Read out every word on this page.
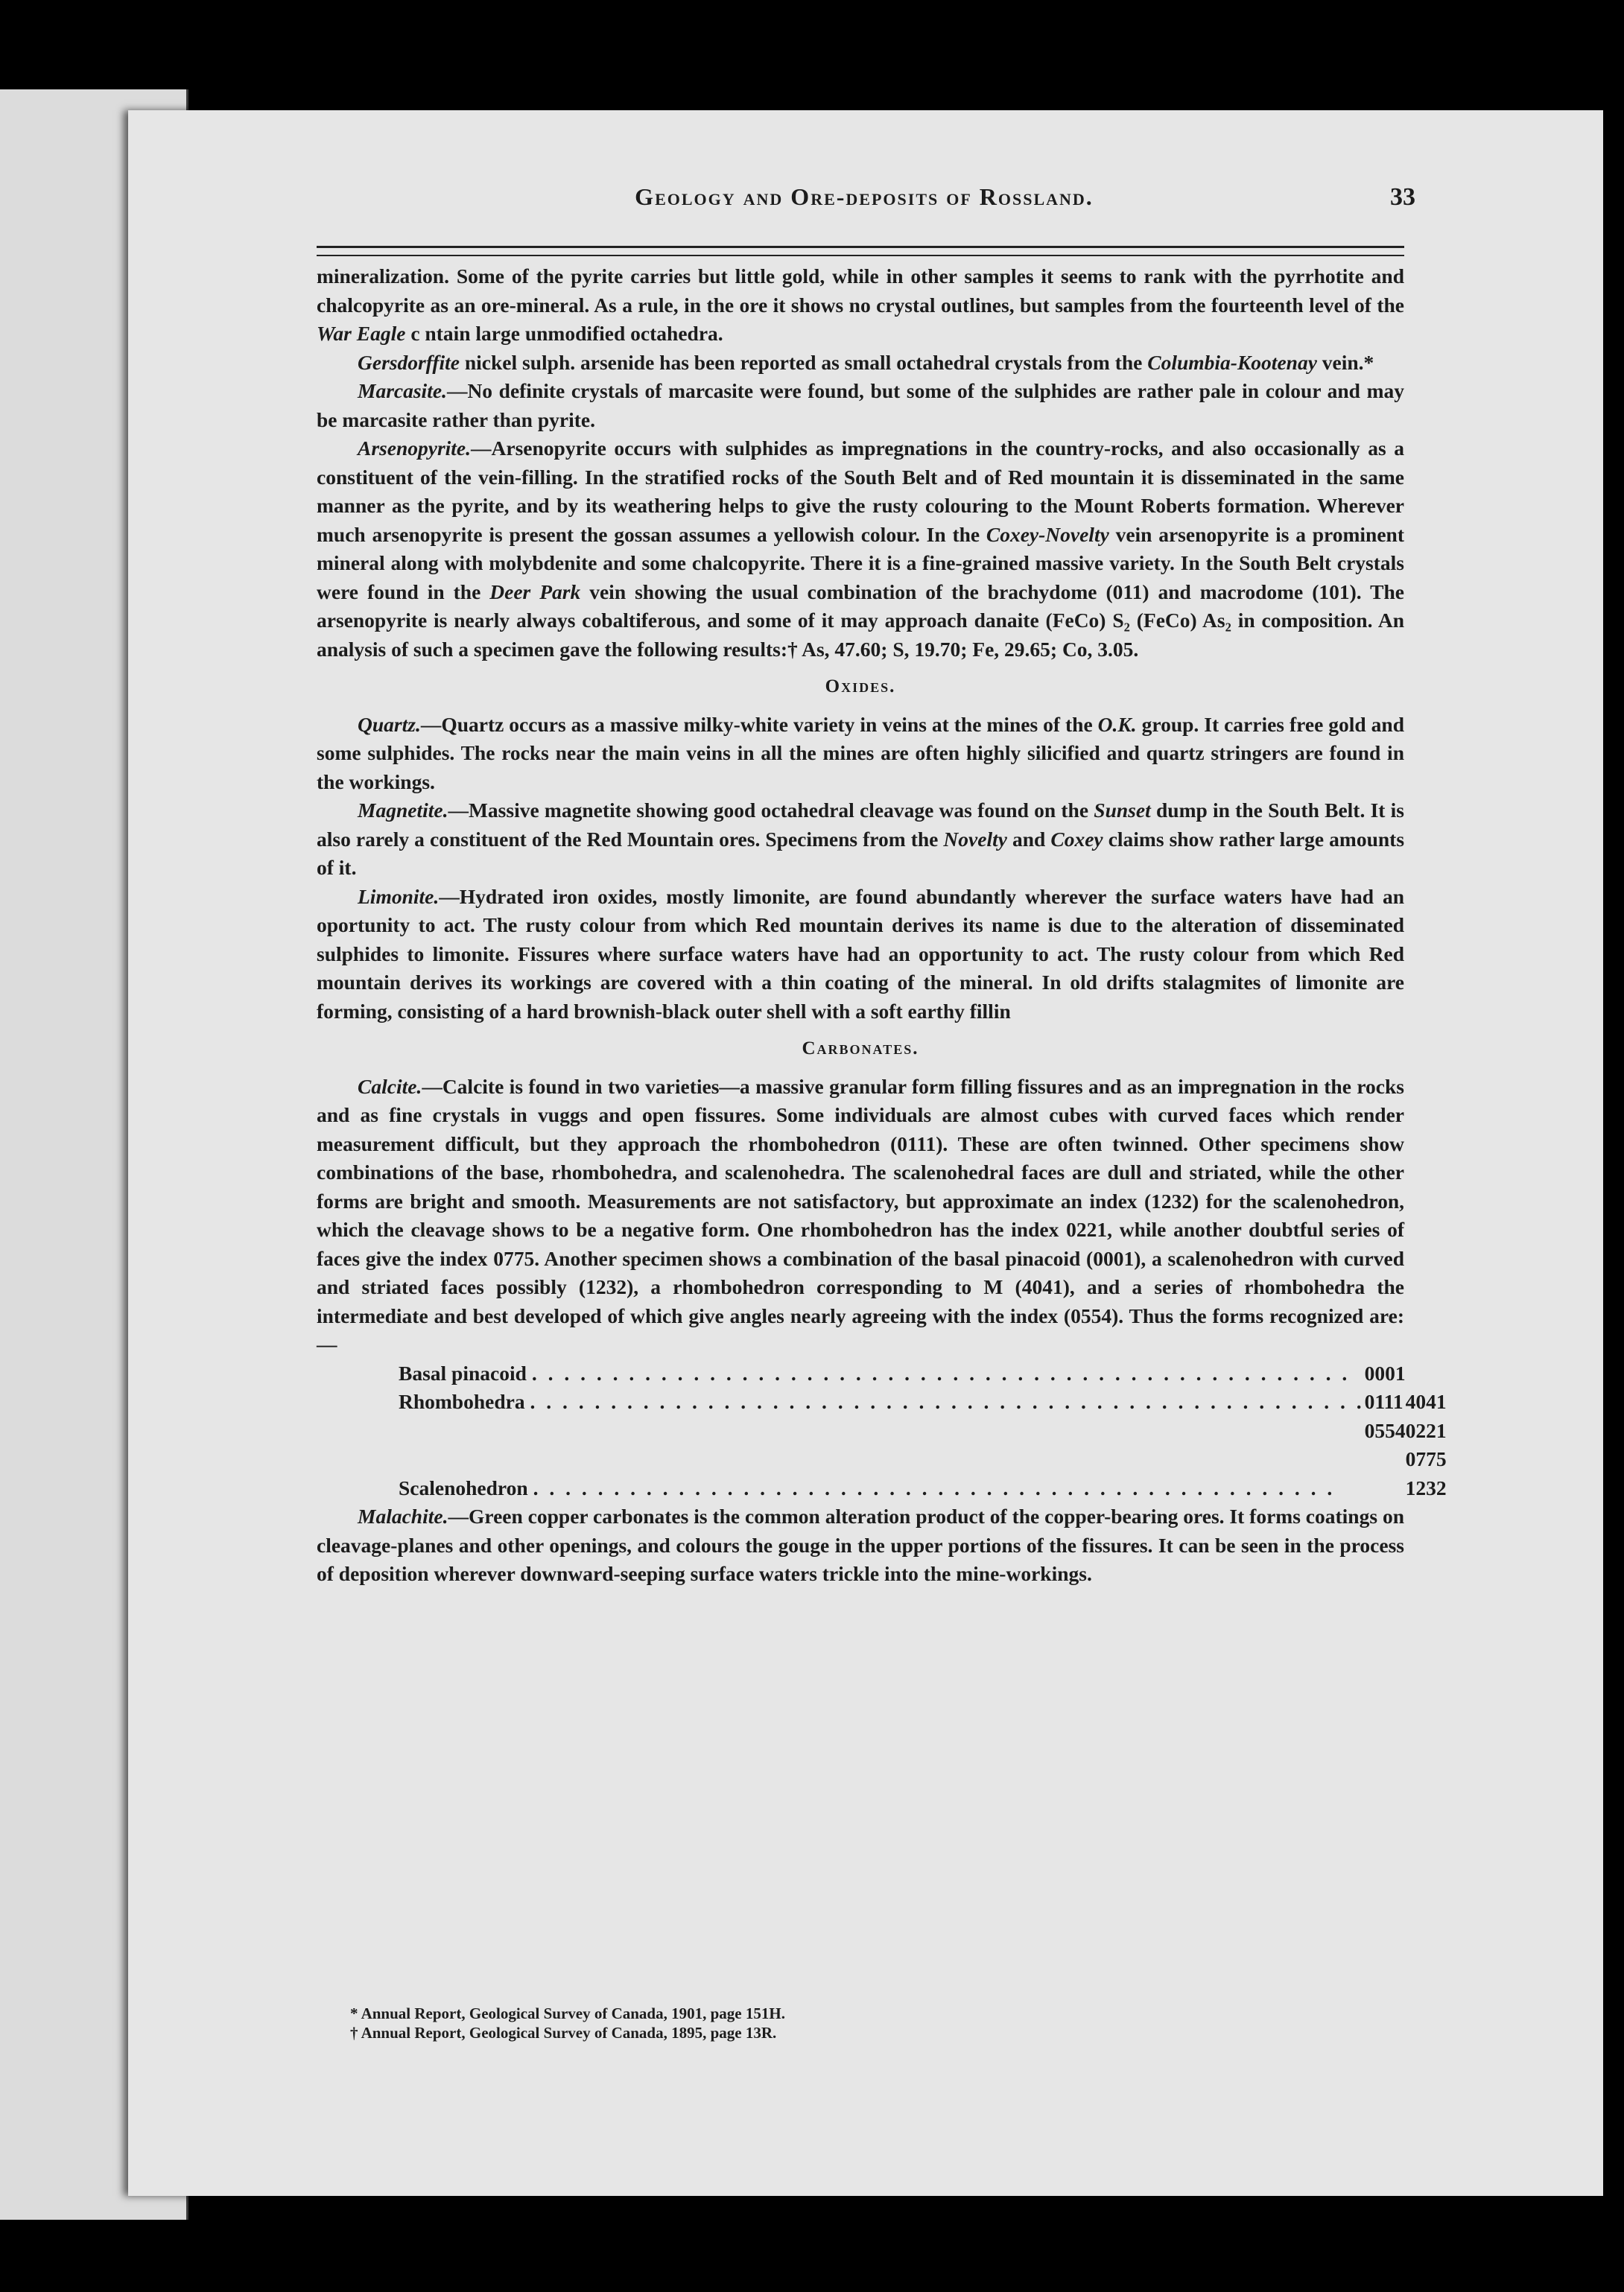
Geology and Ore-deposits of Rossland.	33

mineralization. Some of the pyrite carries but little gold, while in other samples it seems to rank with the pyrrhotite and chalcopyrite as an ore-mineral. As a rule, in the ore it shows no crystal outlines, but samples from the fourteenth level of the War Eagle c ntain large unmodified octahedra.

Gersdorffite nickel sulph. arsenide has been reported as small octahedral crystals from the Columbia-Kootenay vein.*

Marcasite.—No definite crystals of marcasite were found, but some of the sulphides are rather pale in colour and may be marcasite rather than pyrite.

Arsenopyrite.—Arsenopyrite occurs with sulphides as impregnations in the country-rocks, and also occasionally as a constituent of the vein-filling. In the stratified rocks of the South Belt and of Red mountain it is disseminated in the same manner as the pyrite, and by its weathering helps to give the rusty colouring to the Mount Roberts formation. Wherever much arsenopyrite is present the gossan assumes a yellowish colour. In the Coxey-Novelty vein arsenopyrite is a prominent mineral along with molybdenite and some chalcopyrite. There it is a fine-grained massive variety. In the South Belt crystals were found in the Deer Park vein showing the usual combination of the brachydome (011) and macrodome (101). The arsenopyrite is nearly always cobaltiferous, and some of it may approach danaite (FeCo) S₂ (FeCo) As₂ in composition. An analysis of such a specimen gave the following results:† As, 47.60; S, 19.70; Fe, 29.65; Co, 3.05.

Oxides.

Quartz.—Quartz occurs as a massive milky-white variety in veins at the mines of the O.K. group. It carries free gold and some sulphides. The rocks near the main veins in all the mines are often highly silicified and quartz stringers are found in the workings.

Magnetite.—Massive magnetite showing good octahedral cleavage was found on the Sunset dump in the South Belt. It is also rarely a constituent of the Red Mountain ores. Specimens from the Novelty and Coxey claims show rather large amounts of it.

Limonite.—Hydrated iron oxides, mostly limonite, are found abundantly wherever the surface waters have had an oportunity to act. The rusty colour from which Red mountain derives its name is due to the alteration of disseminated sulphides to limonite. Fissures where surface waters have had an opportunity to act. The rusty colour from which Red mountain derives its workings are covered with a thin coating of the mineral. In old drifts stalagmites of limonite are forming, consisting of a hard brownish-black outer shell with a soft earthy fillin

Carbonates.

Calcite.—Calcite is found in two varieties—a massive granular form filling fissures and as an impregnation in the rocks and as fine crystals in vuggs and open fissures. Some individuals are almost cubes with curved faces which render measurement difficult, but they approach the rhombohedron (0111). These are often twinned. Other specimens show combinations of the base, rhombohedra, and scalenohedra. The scalenohedral faces are dull and striated, while the other forms are bright and smooth. Measurements are not satisfactory, but approximate an index (1232) for the scalenohedron, which the cleavage shows to be a negative form. One rhombohedron has the index 0221, while another doubtful series of faces give the index 0775. Another specimen shows a combination of the basal pinacoid (0001), a scalenohedron with curved and striated faces possibly (1232), a rhombohedron corresponding to M (4041), and a series of rhombohedra the intermediate and best developed of which give angles nearly agreeing with the index (0554). Thus the forms recognized are:—

Basal pinacoid . . . . . . . . . . . . . . . . . . . . . . . . . . . . . . . . . . . . . . . . . . . . . . . . . . .	0001	
Rhombohedra . . . . . . . . . . . . . . . . . . . . . . . . . . . . . . . . . . . . . . . . . . . . . . . . . . . .	0111	4041
	0554	0221
		0775
Scalenohedron . . . . . . . . . . . . . . . . . . . . . . . . . . . . . . . . . . . . . . . . . . . . . . . . . .		1232

Malachite.—Green copper carbonates is the common alteration product of the copper-bearing ores. It forms coatings on cleavage-planes and other openings, and colours the gouge in the upper portions of the fissures. It can be seen in the process of deposition wherever downward-seeping surface waters trickle into the mine-workings.

* Annual Report, Geological Survey of Canada, 1901, page 151H.

† Annual Report, Geological Survey of Canada, 1895, page 13R.
